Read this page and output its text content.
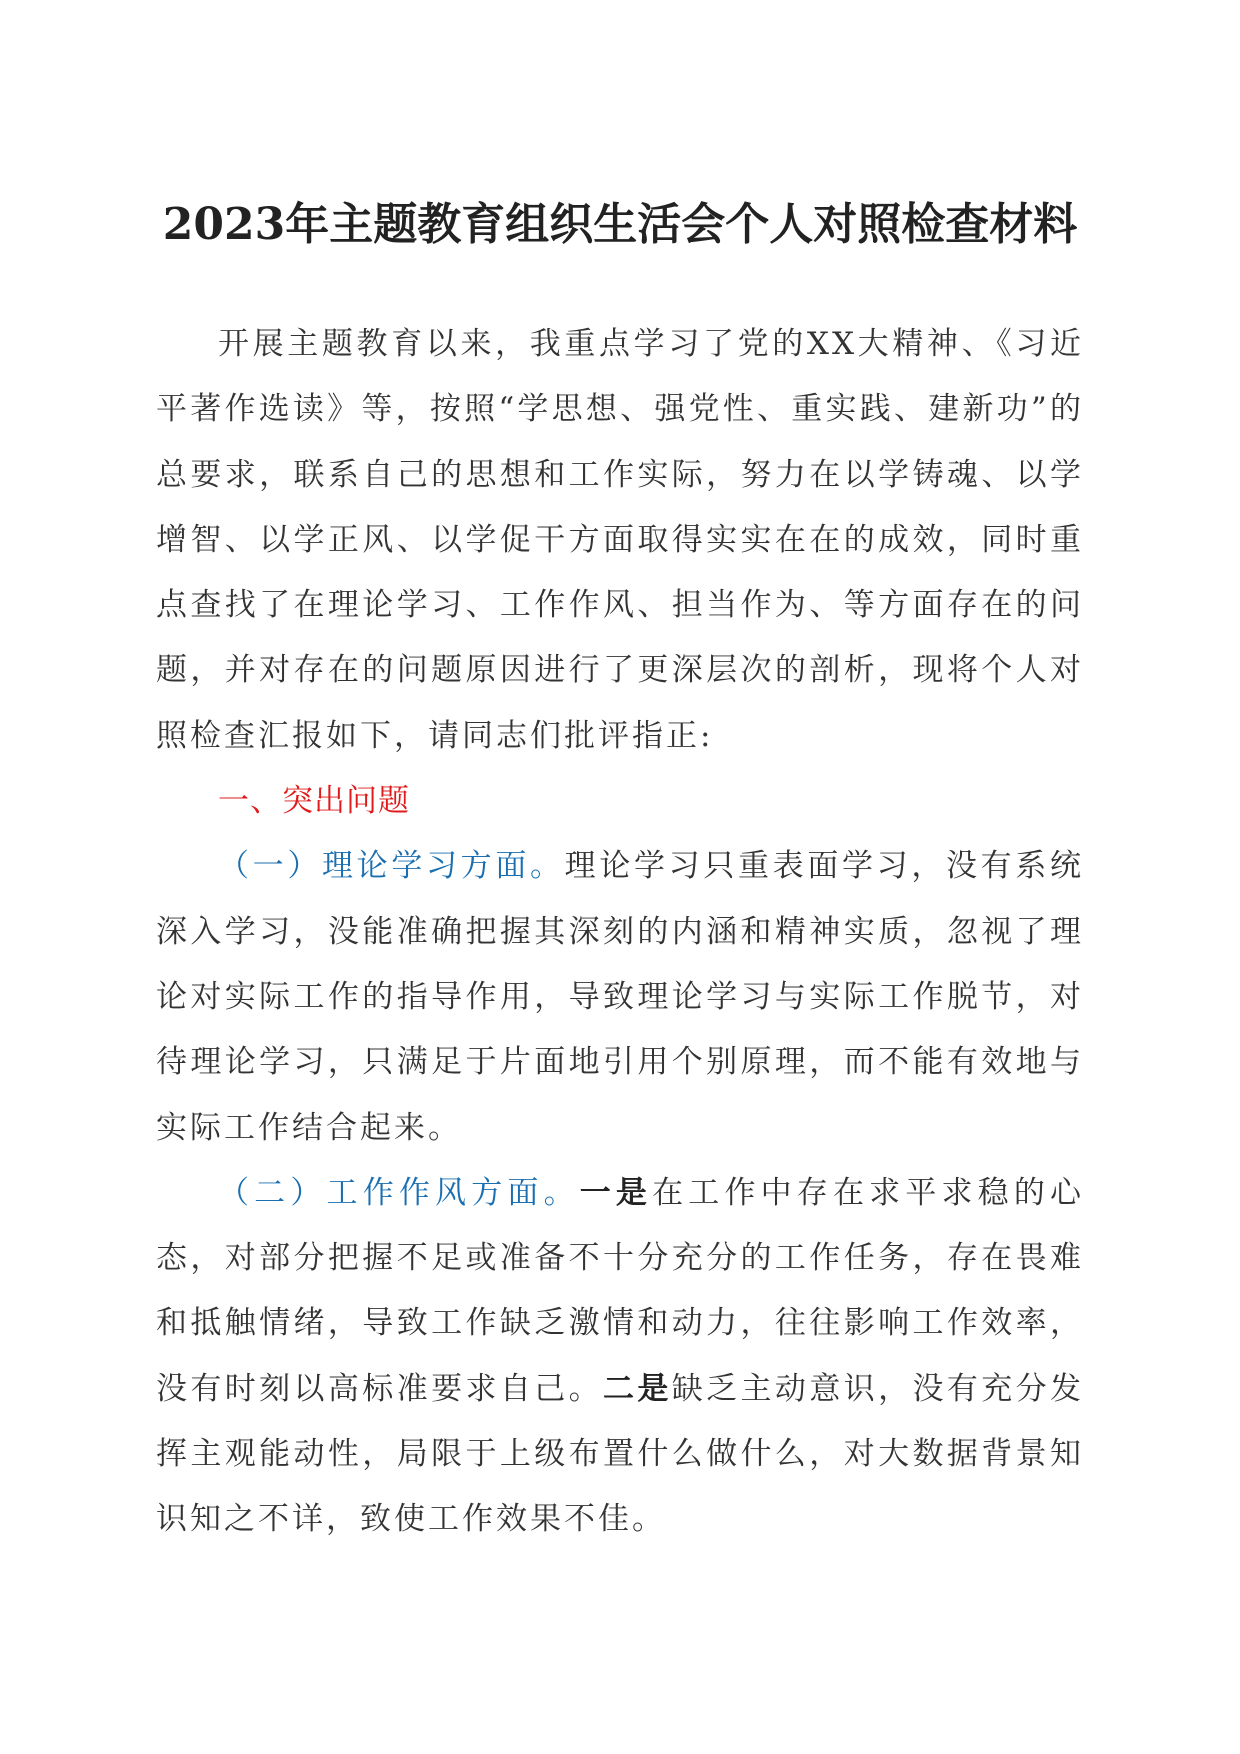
2023年主题教育组织生活会个人对照检查材料

开展主题教育以来，我重点学习了党的XX大精神、《习近平著作选读》等，按照“学思想、强党性、重实践、建新功”的总要求，联系自己的思想和工作实际，努力在以学铸魂、以学增智、以学正风、以学促干方面取得实实在在的成效，同时重点查找了在理论学习、工作作风、担当作为、等方面存在的问题，并对存在的问题原因进行了更深层次的剖析，现将个人对照检查汇报如下，请同志们批评指正:

一、突出问题

（一）理论学习方面。理论学习只重表面学习，没有系统深入学习，没能准确把握其深刻的内涵和精神实质，忽视了理论对实际工作的指导作用，导致理论学习与实际工作脱节，对待理论学习，只满足于片面地引用个别原理，而不能有效地与实际工作结合起来。

（二）工作作风方面。一是在工作中存在求平求稳的心态，对部分把握不足或准备不十分充分的工作任务，存在畏难和抵触情绪，导致工作缺乏激情和动力，往往影响工作效率，没有时刻以高标准要求自己。二是缺乏主动意识，没有充分发挥主观能动性，局限于上级布置什么做什么，对大数据背景知识知之不详，致使工作效果不佳。
